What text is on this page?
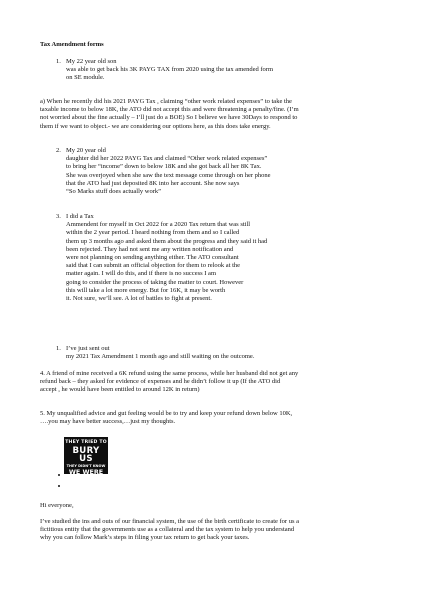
Tax Amendment forms
1. My 22 year old son
was able to get back his 3K PAYG TAX from 2020 using the tax amended form
on SE module.
a) When he recently did his 2021 PAYG Tax , claiming “other work related expenses” to take the
taxable income to below 18K, the ATO did not accept this and were threatening a penalty/fine. (I’m
not worried about the fine actually – I’ll just do a BOE) So I believe we have 30Days to respond to
them if we want to object.- we are considering our options here, as this does take energy.
2. My 20 year old
daughter did her 2022 PAYG Tax and claimed “Other work related expenses”
to bring her “income” down to below 18K and she got back all her 8K Tax.
She was overjoyed when she saw the text message come through on her phone
that the ATO had just deposited 8K into her account. She now says
“So Marks stuff does actually work”
3. I did a Tax
Ammendent for myself in Oct 2022 for a 2020 Tax return that was still
within the 2 year period. I heard nothing from them and so I called
them up 3 months ago and asked them about the progress and they said it had
been rejected. They had not sent me any written notification and
were not planning on sending anything either. The ATO consultant
said that I can submit an official objection for them to relook at the
matter again. I will do this, and if there is no success I am
going to consider the process of taking the matter to court. However
this will take a lot more energy. But for 16K, it may be worth
it. Not sure, we’ll see. A lot of battles to fight at present.
1. I’ve just sent out
my 2021 Tax Amendment 1 month ago and still waiting on the outcome.
4. A friend of mine received a 6K refund using the same process, while her husband did not get any
refund back – they asked for evidence of expenses and he didn’t follow it up (If the ATO did
accept , he would have been entitled to around 12K in return)
5. My unqualified advice and gut feeling would be to try and keep your refund down below 10K,
….you may have better success,…just my thoughts.
THEY TRIED TO
BURY US
THEY DIDN'T KNOW
WE WERE
SEEDS
Hi everyone,
I’ve studied the ins and outs of our financial system, the use of the birth certificate to create for us a
fictitious entity that the governments use as a collateral and the tax system to help you understand
why you can follow Mark’s steps in filing your tax return to get back your taxes.
